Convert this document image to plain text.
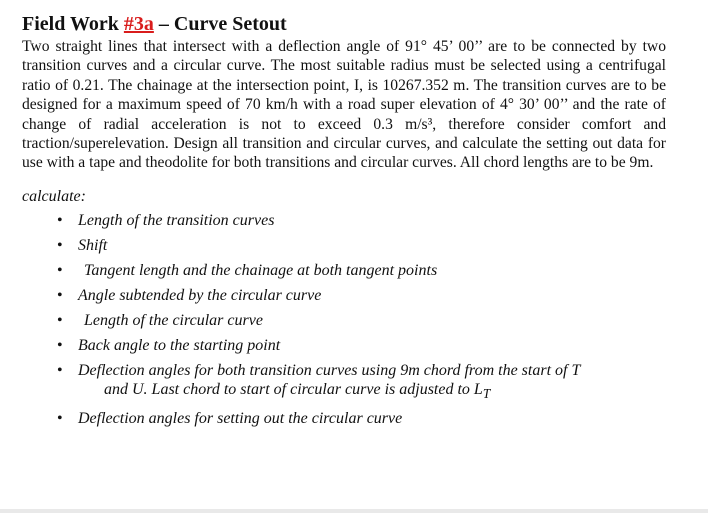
Field Work #3a – Curve Setout

Two straight lines that intersect with a deflection angle of 91° 45’ 00’’ are to be connected by two transition curves and a circular curve. The most suitable radius must be selected using a centrifugal ratio of 0.21. The chainage at the intersection point, I, is 10267.352 m. The transition curves are to be designed for a maximum speed of 70 km/h with a road super elevation of 4° 30’ 00’’ and the rate of change of radial acceleration is not to exceed 0.3 m/s³, therefore consider comfort and traction/superelevation. Design all transition and circular curves, and calculate the setting out data for use with a tape and theodolite for both transitions and circular curves. All chord lengths are to be 9m.

calculate:

• Length of the transition curves
• Shift
• Tangent length and the chainage at both tangent points
• Angle subtended by the circular curve
• Length of the circular curve
• Back angle to the starting point
• Deflection angles for both transition curves using 9m chord from the start of T
and U. Last chord to start of circular curve is adjusted to $L_T$
• Deflection angles for setting out the circular curve
